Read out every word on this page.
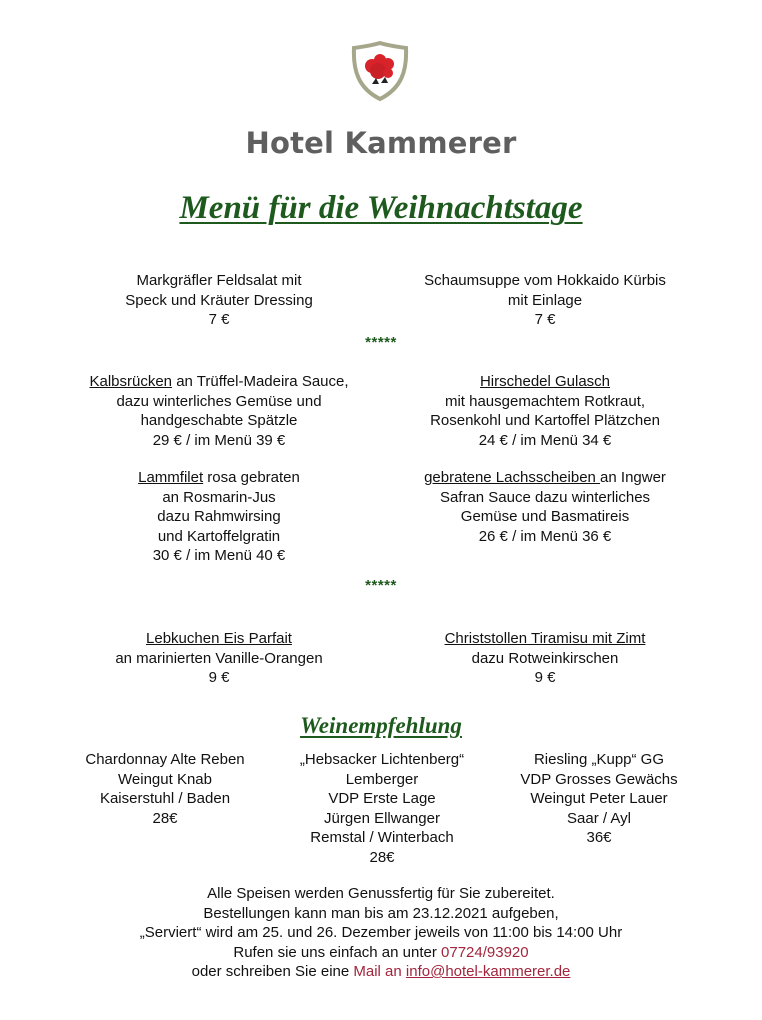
Hotel Kammerer
Menü für die Weihnachtstage
Markgräfler Feldsalat mit
Speck und Kräuter Dressing
7 €
Schaumsuppe vom Hokkaido Kürbis
mit Einlage
7 €
*****
Kalbsrücken an Trüffel-Madeira Sauce,
dazu winterliches Gemüse und
handgeschabte Spätzle
29 € / im Menü 39 €
Hirschedel Gulasch
mit hausgemachtem Rotkraut,
Rosenkohl und Kartoffel Plätzchen
24 € / im Menü 34 €
Lammfilet rosa gebraten
an Rosmarin-Jus
dazu Rahmwirsing
und Kartoffelgratin
30 € / im Menü 40 €
gebratene Lachsscheiben an Ingwer
Safran Sauce dazu winterliches
Gemüse und Basmatireis
26 € / im Menü 36 €
*****
Lebkuchen Eis Parfait
an marinierten Vanille-Orangen
9 €
Christstollen Tiramisu mit Zimt
dazu Rotweinkirschen
9 €
Weinempfehlung
Chardonnay Alte Reben
Weingut Knab
Kaiserstuhl / Baden
28€
„Hebsacker Lichtenberg“
Lemberger
VDP Erste Lage
Jürgen Ellwanger
Remstal / Winterbach
28€
Riesling „Kupp“ GG
VDP Grosses Gewächs
Weingut Peter Lauer
Saar / Ayl
36€
Alle Speisen werden Genussfertig für Sie zubereitet.
Bestellungen kann man bis am 23.12.2021 aufgeben,
„Serviert“ wird am 25. und 26. Dezember jeweils von 11:00 bis 14:00 Uhr
Rufen sie uns einfach an unter 07724/93920
oder schreiben Sie eine Mail an info@hotel-kammerer.de
